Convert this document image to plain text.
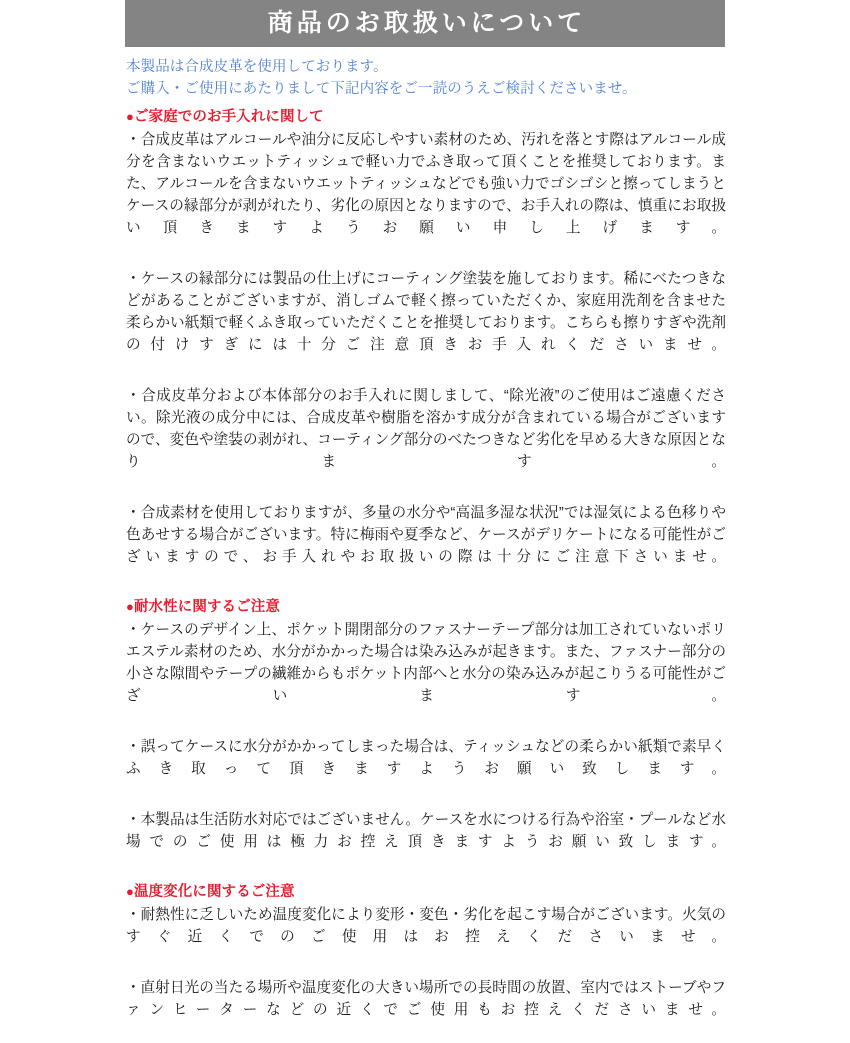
商品のお取扱いについて
本製品は合成皮革を使用しております。
ご購入・ご使用にあたりまして下記内容をご一読のうえご検討くださいませ。
●ご家庭でのお手入れに関して

・合成皮革はアルコールや油分に反応しやすい素材のため、汚れを落とす際はアルコール成分を含まないウエットティッシュで軽い力でふき取って頂くことを推奨しております。また、アルコールを含まないウエットティッシュなどでも強い力でゴシゴシと擦ってしまうとケースの縁部分が剥がれたり、劣化の原因となりますので、お手入れの際は、慎重にお取扱い頂きますようお願い申し上げます。

・ケースの縁部分には製品の仕上げにコーティング塗装を施しております。稀にべたつきなどがあることがございますが、消しゴムで軽く擦っていただくか、家庭用洗剤を含ませた柔らかい紙類で軽くふき取っていただくことを推奨しております。こちらも擦りすぎや洗剤の付けすぎには十分ご注意頂きお手入れくださいませ。

・合成皮革分および本体部分のお手入れに関しまして、“除光液”のご使用はご遠慮ください。除光液の成分中には、合成皮革や樹脂を溶かす成分が含まれている場合がございますので、変色や塗装の剥がれ、コーティング部分のべたつきなど劣化を早める大きな原因となります。

・合成素材を使用しておりますが、多量の水分や“高温多湿な状況”では湿気による色移りや色あせする場合がございます。特に梅雨や夏季など、ケースがデリケートになる可能性がございますので、お手入れやお取扱いの際は十分にご注意下さいませ。

●耐水性に関するご注意

・ケースのデザイン上、ポケット開閉部分のファスナーテープ部分は加工されていないポリエステル素材のため、水分がかかった場合は染み込みが起きます。また、ファスナー部分の小さな隙間やテープの繊維からもポケット内部へと水分の染み込みが起こりうる可能性がございます。

・誤ってケースに水分がかかってしまった場合は、ティッシュなどの柔らかい紙類で素早くふき取って頂きますようお願い致します。

・本製品は生活防水対応ではございません。ケースを水につける行為や浴室・プールなど水場でのご使用は極力お控え頂きますようお願い致します。

●温度変化に関するご注意

・耐熱性に乏しいため温度変化により変形・変色・劣化を起こす場合がございます。火気のすぐ近くでのご使用はお控えくださいませ。

・直射日光の当たる場所や温度変化の大きい場所での長時間の放置、室内ではストーブやファンヒーターなどの近くでご使用もお控えくださいませ。
